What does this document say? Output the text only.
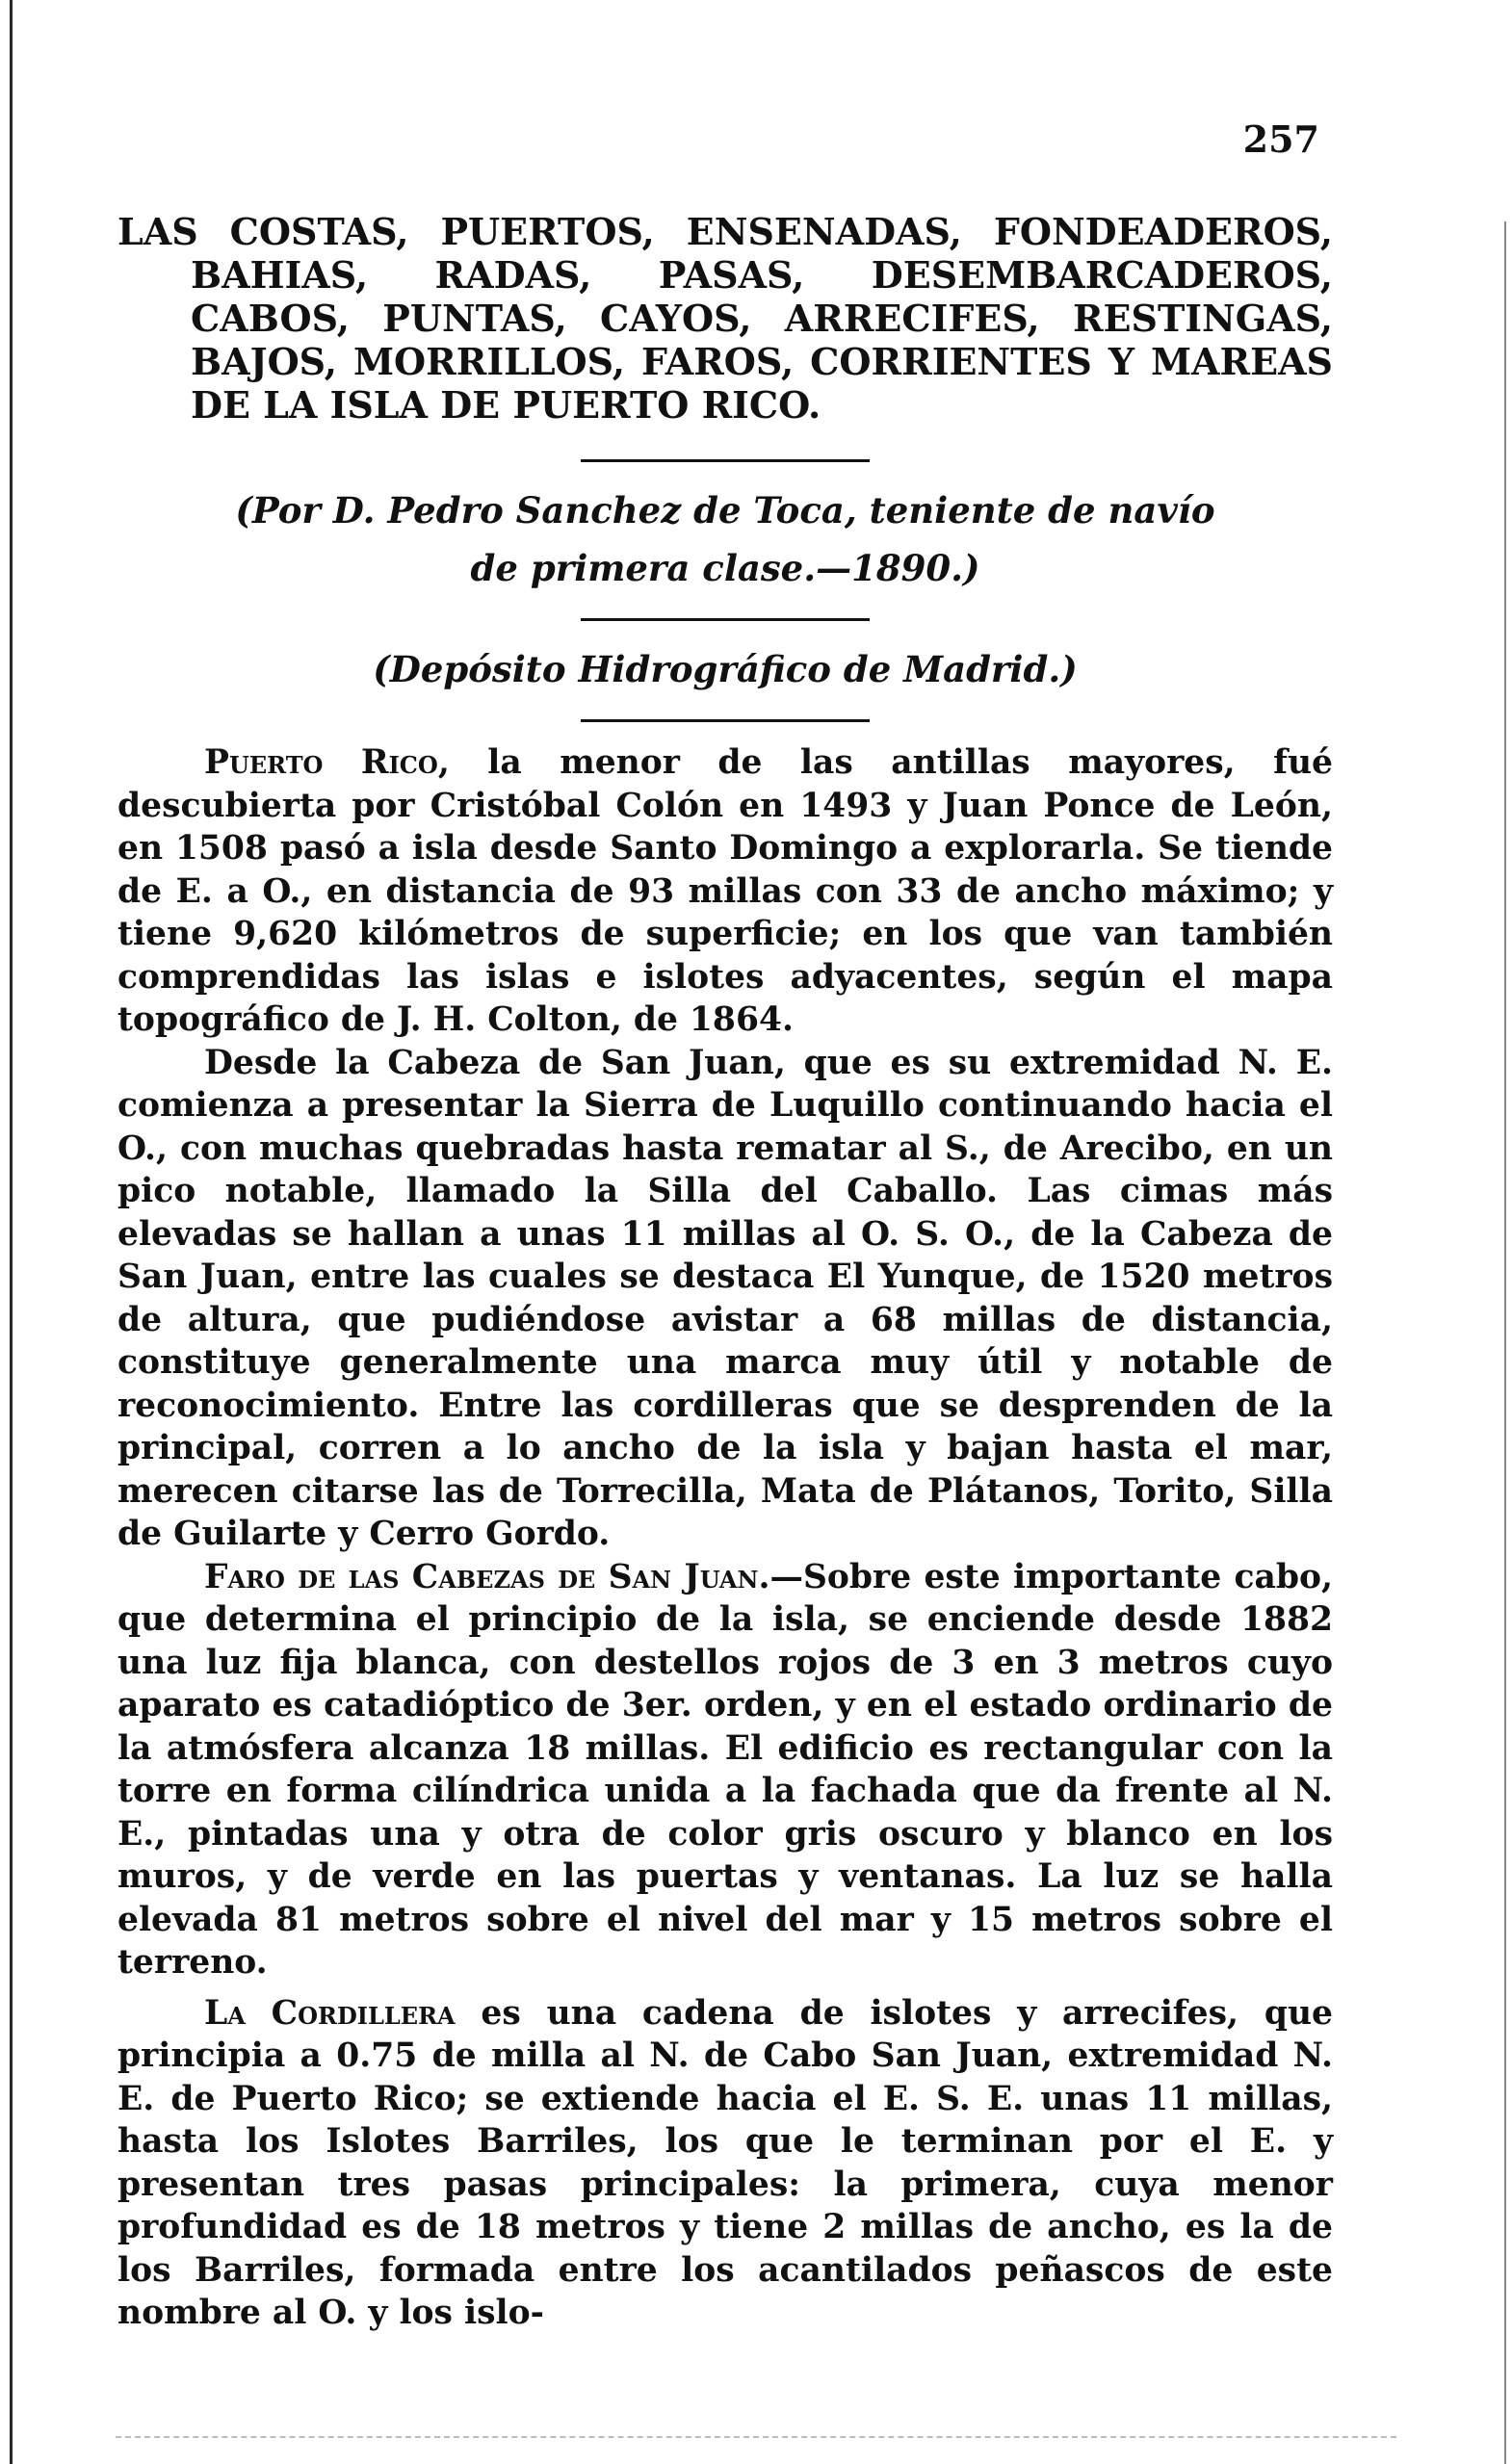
257

LAS COSTAS, PUERTOS, ENSENADAS, FONDEADEROS, BAHIAS, RADAS, PASAS, DESEMBARCADEROS, CABOS, PUNTAS, CAYOS, ARRECIFES, RESTINGAS, BAJOS, MORRILLOS, FAROS, CORRIENTES Y MAREAS DE LA ISLA DE PUERTO RICO.

(Por D. Pedro Sanchez de Toca, teniente de navío de primera clase.—1890.)
(Depósito Hidrográfico de Madrid.)

Puerto Rico, la menor de las antillas mayores, fué descubierta por Cristóbal Colón en 1493 y Juan Ponce de León, en 1508 pasó a isla desde Santo Domingo a explorarla. Se tiende de E. a O., en distancia de 93 millas con 33 de ancho máximo; y tiene 9,620 kilómetros de superficie; en los que van también comprendidas las islas e islotes adyacentes, según el mapa topográfico de J. H. Colton, de 1864.

Desde la Cabeza de San Juan, que es su extremidad N. E. comienza a presentar la Sierra de Luquillo continuando hacia el O., con muchas quebradas hasta rematar al S., de Arecibo, en un pico notable, llamado la Silla del Caballo. Las cimas más elevadas se hallan a unas 11 millas al O. S. O., de la Cabeza de San Juan, entre las cuales se destaca El Yunque, de 1520 metros de altura, que pudiéndose avistar a 68 millas de distancia, constituye generalmente una marca muy útil y notable de reconocimiento. Entre las cordilleras que se desprenden de la principal, corren a lo ancho de la isla y bajan hasta el mar, merecen citarse las de Torrecilla, Mata de Plátanos, Torito, Silla de Guilarte y Cerro Gordo.

Faro de las Cabezas de San Juan.—Sobre este importante cabo, que determina el principio de la isla, se enciende desde 1882 una luz fija blanca, con destellos rojos de 3 en 3 metros cuyo aparato es catadióptico de 3er. orden, y en el estado ordinario de la atmósfera alcanza 18 millas. El edificio es rectangular con la torre en forma cilíndrica unida a la fachada que da frente al N. E., pintadas una y otra de color gris oscuro y blanco en los muros, y de verde en las puertas y ventanas. La luz se halla elevada 81 metros sobre el nivel del mar y 15 metros sobre el terreno.

La Cordillera es una cadena de islotes y arrecifes, que principia a 0.75 de milla al N. de Cabo San Juan, extremidad N. E. de Puerto Rico; se extiende hacia el E. S. E. unas 11 millas, hasta los Islotes Barriles, los que le terminan por el E. y presentan tres pasas principales: la primera, cuya menor profundidad es de 18 metros y tiene 2 millas de ancho, es la de los Barriles, formada entre los acantilados peñascos de este nombre al O. y los islo-
